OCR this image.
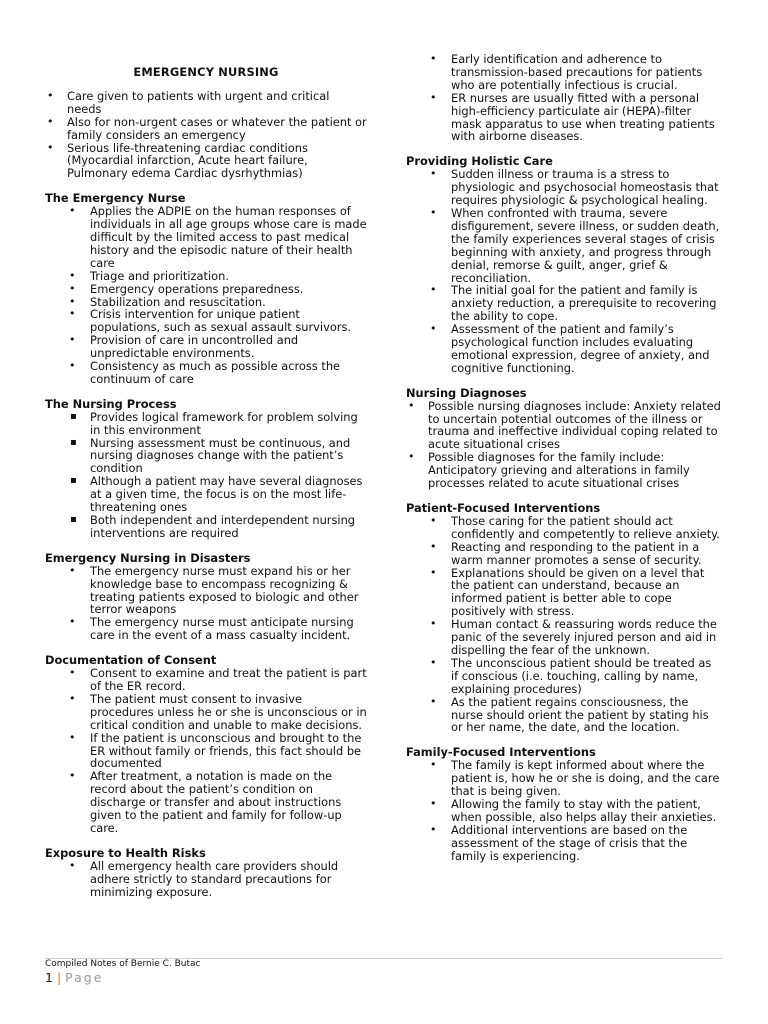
EMERGENCY NURSING

• Care given to patients with urgent and critical needs
• Also for non-urgent cases or whatever the patient or family considers an emergency
• Serious life-threatening cardiac conditions (Myocardial infarction, Acute heart failure, Pulmonary edema Cardiac dysrhythmias)

The Emergency Nurse

• Applies the ADPIE on the human responses of individuals in all age groups whose care is made difficult by the limited access to past medical history and the episodic nature of their health care
• Triage and prioritization.
• Emergency operations preparedness.
• Stabilization and resuscitation.
• Crisis intervention for unique patient populations, such as sexual assault survivors.
• Provision of care in uncontrolled and unpredictable environments.
• Consistency as much as possible across the continuum of care

The Nursing Process

▪ Provides logical framework for problem solving in this environment
▪ Nursing assessment must be continuous, and nursing diagnoses change with the patient’s condition
▪ Although a patient may have several diagnoses at a given time, the focus is on the most life-threatening ones
▪ Both independent and interdependent nursing interventions are required

Emergency Nursing in Disasters

• The emergency nurse must expand his or her knowledge base to encompass recognizing & treating patients exposed to biologic and other terror weapons
• The emergency nurse must anticipate nursing care in the event of a mass casualty incident.

Documentation of Consent

• Consent to examine and treat the patient is part of the ER record.
• The patient must consent to invasive procedures unless he or she is unconscious or in critical condition and unable to make decisions.
• If the patient is unconscious and brought to the ER without family or friends, this fact should be documented
• After treatment, a notation is made on the record about the patient’s condition on discharge or transfer and about instructions given to the patient and family for follow-up care.

Exposure to Health Risks

• All emergency health care providers should adhere strictly to standard precautions for minimizing exposure.
• Early identification and adherence to transmission-based precautions for patients who are potentially infectious is crucial.
• ER nurses are usually fitted with a personal high-efficiency particulate air (HEPA)-filter mask apparatus to use when treating patients with airborne diseases.

Providing Holistic Care

• Sudden illness or trauma is a stress to physiologic and psychosocial homeostasis that requires physiologic & psychological healing.
• When confronted with trauma, severe disfigurement, severe illness, or sudden death, the family experiences several stages of crisis beginning with anxiety, and progress through denial, remorse & guilt, anger, grief & reconciliation.
• The initial goal for the patient and family is anxiety reduction, a prerequisite to recovering the ability to cope.
• Assessment of the patient and family’s psychological function includes evaluating emotional expression, degree of anxiety, and cognitive functioning.

Nursing Diagnoses

• Possible nursing diagnoses include: Anxiety related to uncertain potential outcomes of the illness or trauma and ineffective individual coping related to acute situational crises
• Possible diagnoses for the family include: Anticipatory grieving and alterations in family processes related to acute situational crises

Patient-Focused Interventions

• Those caring for the patient should act confidently and competently to relieve anxiety.
• Reacting and responding to the patient in a warm manner promotes a sense of security.
• Explanations should be given on a level that the patient can understand, because an informed patient is better able to cope positively with stress.
• Human contact & reassuring words reduce the panic of the severely injured person and aid in dispelling the fear of the unknown.
• The unconscious patient should be treated as if conscious (i.e. touching, calling by name, explaining procedures)
• As the patient regains consciousness, the nurse should orient the patient by stating his or her name, the date, and the location.

Family-Focused Interventions

• The family is kept informed about where the patient is, how he or she is doing, and the care that is being given.
• Allowing the family to stay with the patient, when possible, also helps allay their anxieties.
• Additional interventions are based on the assessment of the stage of crisis that the family is experiencing.
Compiled Notes of Bernie C. Butac
1 | Page
